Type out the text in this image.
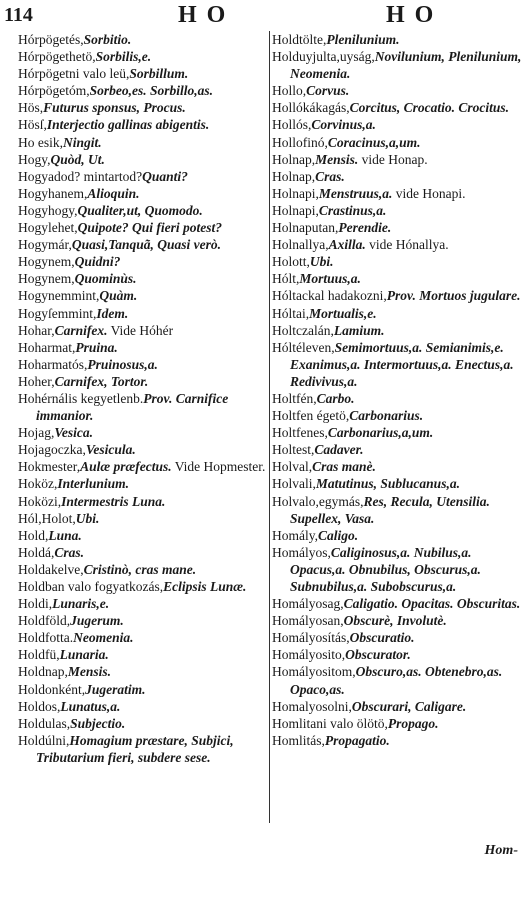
114	H O	H O
Hórpögetés,Sorbitio.
Hórpögethetö,Sorbilis,e.
Hórpögetni valo leü,Sorbillum.
Hórpögetóm,Sorbeo,es. Sorbillo,as.
Hös,Futurus sponsus, Procus.
Hösſ,Interjectio gallinas abigentis.
Ho esik,Ningit.
Hogy,Quòd, Ut.
Hogyadod? mintartod?Quanti?
Hogyhanem,Alioquin.
Hogyhogy,Qualiter,ut, Quomodo.
Hogylehet,Quipote? Qui fieri potest?
Hogymár,Quasi,Tanquã, Quasi verò.
Hogynem,Quidni?
Hogynem,Quominùs.
Hogynemmint,Quàm.
Hogyſemmint,Idem.
Hohar,Carnifex. Vide Hóhér
Hoharmat,Pruina.
Hoharmatós,Pruinosus,a.
Hoher,Carnifex, Tortor.
Hohérnális kegyetlenb.Prov. Carnifice immanior.
Hojag,Vesica.
Hojagoczka,Vesicula.
Hokmester,Aulæ præfectus. Vide Hopmester.
Hoköz,Interlunium.
Hoközi,Intermestris Luna.
Hól,Holot,Ubi.
Hold,Luna.
Holdá,Cras.
Holdakelve,Cristinò, cras mane.
Holdban valo fogyatkozás,Eclipsis Lunæ.
Holdi,Lunaris,e.
Holdföld,Jugerum.
Holdfotta.Neomenia.
Holdfü,Lunaria.
Holdnap,Mensis.
Holdonként,Jugeratim.
Holdos,Lunatus,a.
Holdulas,Subjectio.
Holdúlni,Homagium præstare, Subjici, Tributarium fieri, subdere sese.
Holdtölte,Plenilunium.
Holduyjulta,uyság,Novilunium, Plenilunium, Neomenia.
Hollo,Corvus.
Hollókákagás,Corcitus, Crocatio. Crocitus.
Hollós,Corvinus,a.
Hollofinó,Coracinus,a,um.
Holnap,Mensis. vide Honap.
Holnap,Cras.
Holnapi,Menstruus,a. vide Honapi.
Holnapi,Crastinus,a.
Holnaputan,Perendie.
Holnallya,Axilla. vide Hónallya.
Holott,Ubi.
Hólt,Mortuus,a.
Hóltackal hadakozni,Prov. Mortuos jugulare.
Hóltai,Mortualis,e.
Holtczalán,Lamium.
Hóltéleven,Semimortuus,a. Semianimis,e. Exanimus,a. Intermortuus,a. Enectus,a. Redivivus,a.
Holtfén,Carbo.
Holtfen égetö,Carbonarius.
Holtfenes,Carbonarius,a,um.
Holtest,Cadaver.
Holval,Cras manè.
Holvali,Matutinus, Sublucanus,a.
Holvalo,egymás,Res, Recula, Utensilia. Supellex, Vasa.
Homály,Caligo.
Homályos,Caliginosus,a. Nubilus,a. Opacus,a. Obnubilus, Obscurus,a. Subnubilus,a. Subobscurus,a.
Homályosag,Caligatio. Opacitas. Obscuritas.
Homályosan,Obscurè, Involutè.
Homályosítás,Obscuratio.
Homályosito,Obscurator.
Homályositom,Obscuro,as. Obtenebro,as. Opaco,as.
Homalyosolni,Obscurari, Caligare.
Homlitani valo ölötö,Propago.
Homlitás,Propagatio.
Hom-
